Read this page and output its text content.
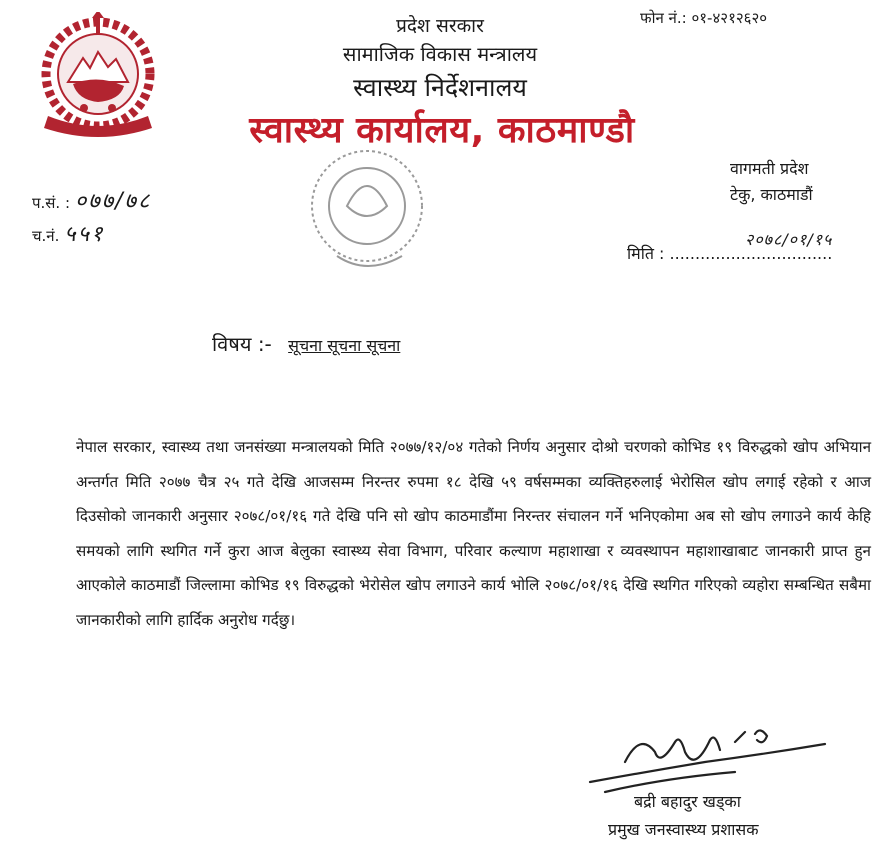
प्रदेश सरकार
सामाजिक विकास मन्त्रालय
स्वास्थ्य निर्देशनालय
स्वास्थ्य कार्यालय, काठमाण्डौ
फोन नं.: ०१-४२१२६२०
वागमती प्रदेश
टेकु, काठमाडौं
प.सं. : ०७७/७८
च.नं. ५५१	२०७८/०१/१५
मिति : ................................
विषय :- सूचना सूचना सूचना
नेपाल सरकार, स्वास्थ्य तथा जनसंख्या मन्त्रालयको मिति २०७७/१२/०४ गतेको निर्णय अनुसार दोश्रो चरणको कोभिड १९ विरुद्धको खोप अभियान अन्तर्गत मिति २०७७ चैत्र २५ गते देखि आजसम्म निरन्तर रुपमा १८ देखि ५९ वर्षसम्मका व्यक्तिहरुलाई भेरोसिल खोप लगाई रहेको र आज दिउसोको जानकारी अनुसार २०७८/०१/१६ गते देखि पनि सो खोप काठमाडौंमा निरन्तर संचालन गर्ने भनिएकोमा अब सो खोप लगाउने कार्य केहि समयको लागि स्थगित गर्ने कुरा आज बेलुका स्वास्थ्य सेवा विभाग, परिवार कल्याण महाशाखा र व्यवस्थापन महाशाखाबाट जानकारी प्राप्त हुन आएकोले काठमाडौं जिल्लामा कोभिड १९ विरुद्धको भेरोसेल खोप लगाउने कार्य भोलि २०७८/०१/१६ देखि स्थगित गरिएको व्यहोरा सम्बन्धित सबैमा जानकारीको लागि हार्दिक अनुरोध गर्दछु।
बद्री बहादुर खड्का
प्रमुख जनस्वास्थ्य प्रशासक
